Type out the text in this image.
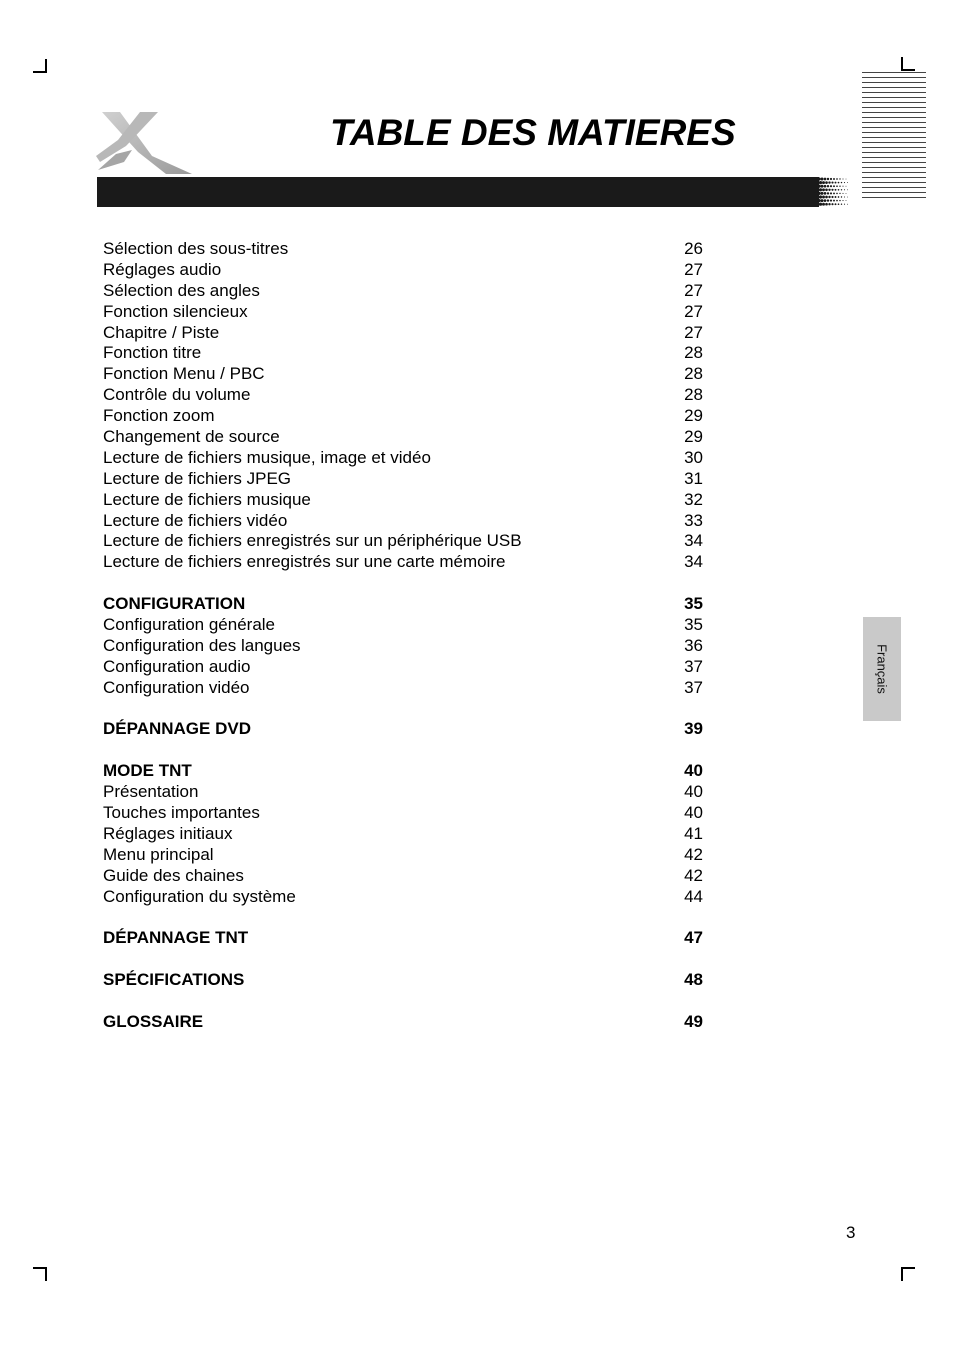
TABLE DES MATIERES
Sélection des sous-titres	26
Réglages audio	27
Sélection des angles	27
Fonction silencieux	27
Chapitre / Piste	27
Fonction titre	28
Fonction Menu / PBC	28
Contrôle du volume	28
Fonction zoom	29
Changement de source	29
Lecture de fichiers musique, image et vidéo	30
Lecture de fichiers JPEG	31
Lecture de fichiers musique	32
Lecture de fichiers vidéo	33
Lecture de fichiers enregistrés sur un périphérique USB	34
Lecture de fichiers enregistrés sur une carte mémoire	34
CONFIGURATION	35
Configuration générale	35
Configuration des langues	36
Configuration audio	37
Configuration vidéo	37
DÉPANNAGE DVD	39
MODE TNT	40
Présentation	40
Touches importantes	40
Réglages initiaux	41
Menu principal	42
Guide des chaines	42
Configuration du système	44
DÉPANNAGE TNT	47
SPÉCIFICATIONS	48
GLOSSAIRE	49
Français
3
